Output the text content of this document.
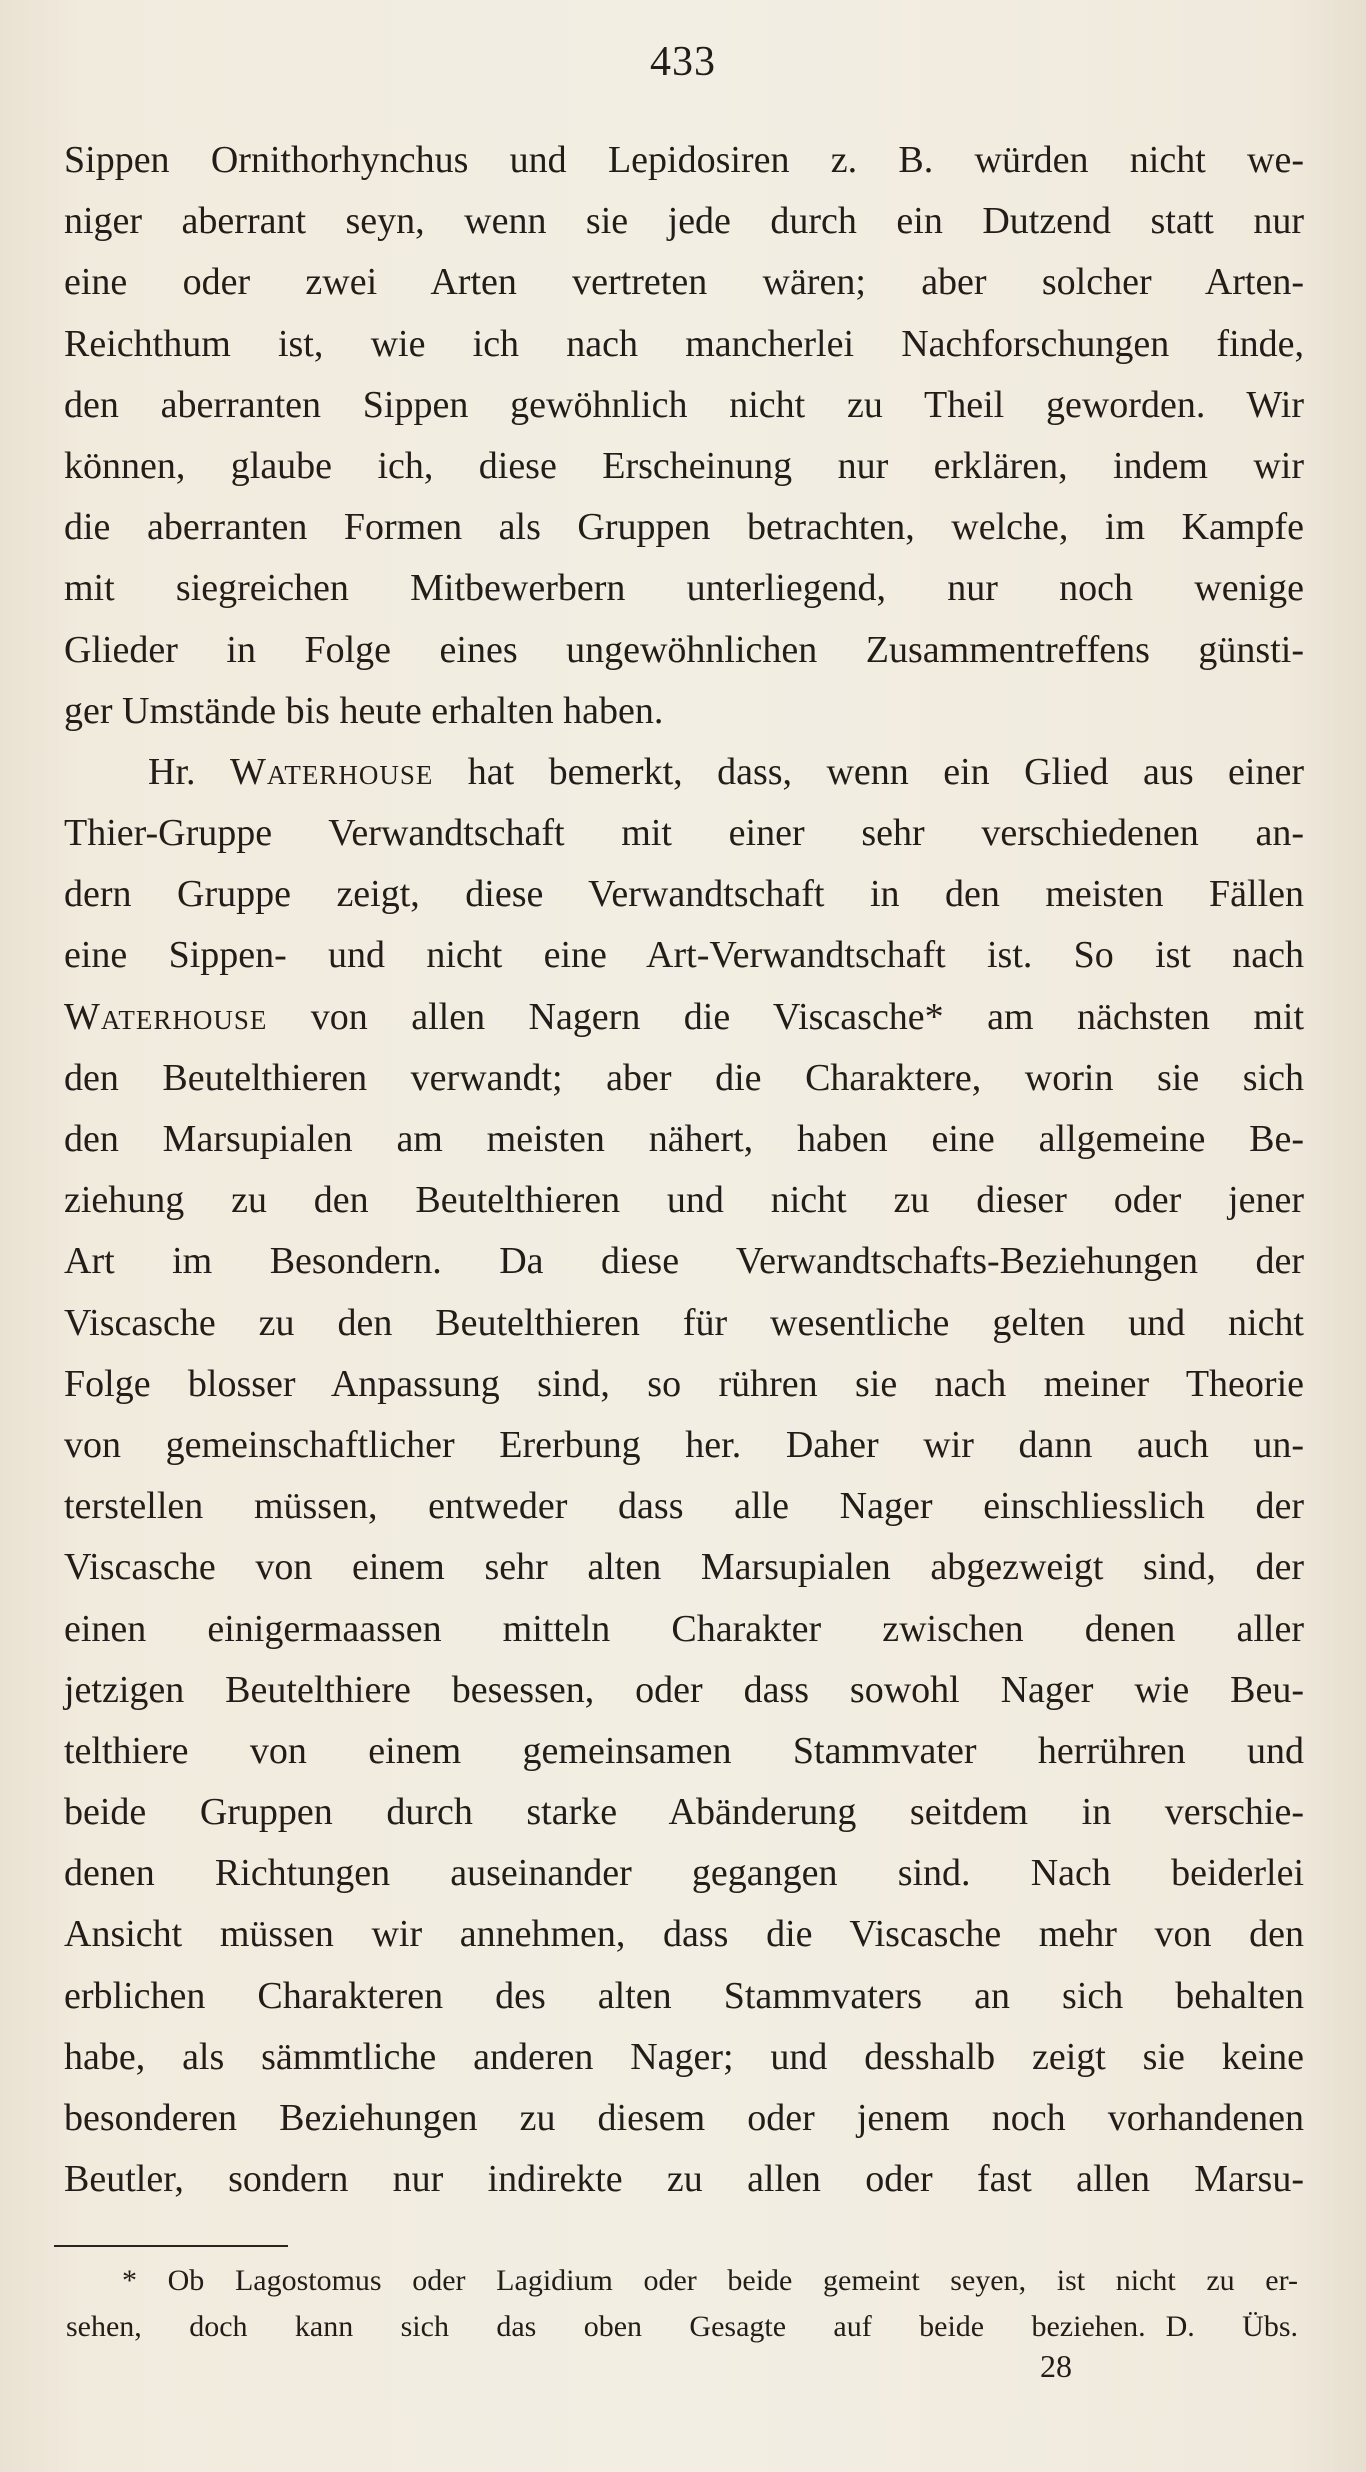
433
Sippen Ornithorhynchus und Lepidosiren z. B. würden nicht we-
niger aberrant seyn, wenn sie jede durch ein Dutzend statt nur
eine oder zwei Arten vertreten wären; aber solcher Arten-
Reichthum ist, wie ich nach mancherlei Nachforschungen finde,
den aberranten Sippen gewöhnlich nicht zu Theil geworden. Wir
können, glaube ich, diese Erscheinung nur erklären, indem wir
die aberranten Formen als Gruppen betrachten, welche, im Kampfe
mit siegreichen Mitbewerbern unterliegend, nur noch wenige
Glieder in Folge eines ungewöhnlichen Zusammentreffens günsti-
ger Umstände bis heute erhalten haben.
Hr. Waterhouse hat bemerkt, dass, wenn ein Glied aus einer
Thier-Gruppe Verwandtschaft mit einer sehr verschiedenen an-
dern Gruppe zeigt, diese Verwandtschaft in den meisten Fällen
eine Sippen- und nicht eine Art-Verwandtschaft ist. So ist nach
Waterhouse von allen Nagern die Viscasche* am nächsten mit
den Beutelthieren verwandt; aber die Charaktere, worin sie sich
den Marsupialen am meisten nähert, haben eine allgemeine Be-
ziehung zu den Beutelthieren und nicht zu dieser oder jener
Art im Besondern. Da diese Verwandtschafts-Beziehungen der
Viscasche zu den Beutelthieren für wesentliche gelten und nicht
Folge blosser Anpassung sind, so rühren sie nach meiner Theorie
von gemeinschaftlicher Ererbung her. Daher wir dann auch un-
terstellen müssen, entweder dass alle Nager einschliesslich der
Viscasche von einem sehr alten Marsupialen abgezweigt sind, der
einen einigermaassen mitteln Charakter zwischen denen aller
jetzigen Beutelthiere besessen, oder dass sowohl Nager wie Beu-
telthiere von einem gemeinsamen Stammvater herrühren und
beide Gruppen durch starke Abänderung seitdem in verschie-
denen Richtungen auseinander gegangen sind. Nach beiderlei
Ansicht müssen wir annehmen, dass die Viscasche mehr von den
erblichen Charakteren des alten Stammvaters an sich behalten
habe, als sämmtliche anderen Nager; und desshalb zeigt sie keine
besonderen Beziehungen zu diesem oder jenem noch vorhandenen
Beutler, sondern nur indirekte zu allen oder fast allen Marsu-
* Ob Lagostomus oder Lagidium oder beide gemeint seyen, ist nicht zu er-
sehen, doch kann sich das oben Gesagte auf beide beziehen. D. Übs.
28
